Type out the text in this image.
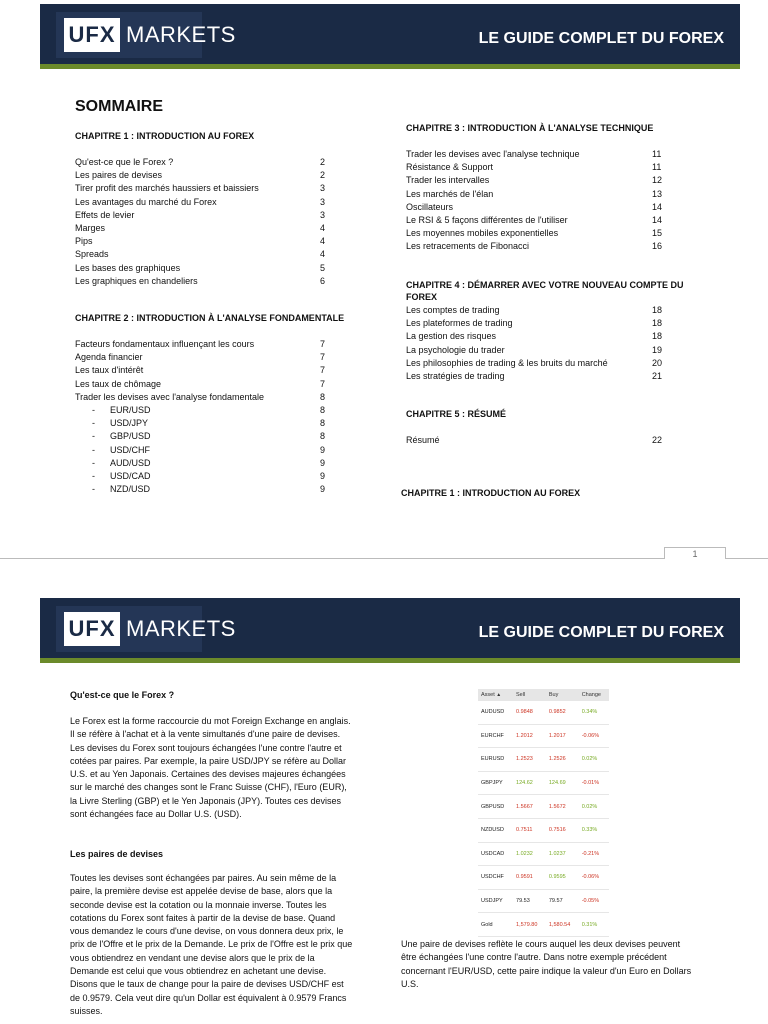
UFX MARKETS	LE GUIDE COMPLET DU FOREX
SOMMAIRE
CHAPITRE 1 : INTRODUCTION AU FOREX
Qu'est-ce que le Forex ?	2
Les paires de devises	2
Tirer profit des marchés haussiers et baissiers	3
Les avantages du marché du Forex	3
Effets de levier	3
Marges	4
Pips	4
Spreads	4
Les bases des graphiques	5
Les graphiques en chandeliers	6
CHAPITRE 2 : INTRODUCTION À L'ANALYSE FONDAMENTALE
Facteurs fondamentaux influençant les cours	7
Agenda financier	7
Les taux d'intérêt	7
Les taux de chômage	7
Trader les devises avec l'analyse fondamentale	8
- EUR/USD	8
- USD/JPY	8
- GBP/USD	8
- USD/CHF	9
- AUD/USD	9
- USD/CAD	9
- NZD/USD	9
CHAPITRE 3 : INTRODUCTION À L'ANALYSE TECHNIQUE
Trader les devises avec l'analyse technique	11
Résistance & Support	11
Trader les intervalles	12
Les marchés de l'élan	13
Oscillateurs	14
Le RSI & 5 façons différentes de l'utiliser	14
Les moyennes mobiles exponentielles	15
Les retracements de Fibonacci	16
CHAPITRE 4 : DÉMARRER AVEC VOTRE NOUVEAU COMPTE DU
FOREX
Les comptes de trading	18
Les plateformes de trading	18
La gestion des risques	18
La psychologie du trader	19
Les philosophies de trading & les bruits du marché	20
Les stratégies de trading	21
CHAPITRE 5 : RÉSUMÉ
Résumé	22
CHAPITRE 1 : INTRODUCTION AU FOREX
1
UFX MARKETS	LE GUIDE COMPLET DU FOREX
Qu'est-ce que le Forex ?
Le Forex est la forme raccourcie du mot Foreign Exchange en anglais. Il se réfère à l'achat et à la vente simultanés d'une paire de devises. Les devises du Forex sont toujours échangées l'une contre l'autre et cotées par paires. Par exemple, la paire USD/JPY se réfère au Dollar U.S. et au Yen Japonais. Certaines des devises majeures échangées sur le marché des changes sont le Franc Suisse (CHF), l'Euro (EUR), la Livre Sterling (GBP) et le Yen Japonais (JPY). Toutes ces devises sont échangées face au Dollar U.S. (USD).
Les paires de devises
Toutes les devises sont échangées par paires. Au sein même de la paire, la première devise est appelée devise de base, alors que la seconde devise est la cotation ou la monnaie inverse. Toutes les cotations du Forex sont faites à partir de la devise de base. Quand vous demandez le cours d'une devise, on vous donnera deux prix, le prix de l'Offre et le prix de la Demande. Le prix de l'Offre est le prix que vous obtiendrez en vendant une devise alors que le prix de la Demande est celui que vous obtiendrez en achetant une devise. Disons que le taux de change pour la paire de devises USD/CHF est de 0.9579. Cela veut dire qu'un Dollar est équivalent à 0.9579 Francs suisses.
Asset ▲	Sell	Buy	Change
AUDUSD	0.9848	0.9852	0.34%
EURCHF	1.2012	1.2017	-0.06%
EURUSD	1.2523	1.2526	0.02%
GBPJPY	124.62	124.69	-0.01%
GBPUSD	1.5667	1.5672	0.02%
NZDUSD	0.7511	0.7516	0.33%
USDCAD	1.0232	1.0237	-0.21%
USDCHF	0.9591	0.9595	-0.06%
USDJPY	79.53	79.57	-0.05%
Gold	1,579.80	1,580.54	0.31%
Une paire de devises reflète le cours auquel les deux devises peuvent être échangées l'une contre l'autre. Dans notre exemple précédent concernant l'EUR/USD, cette paire indique la valeur d'un Euro en Dollars U.S.
